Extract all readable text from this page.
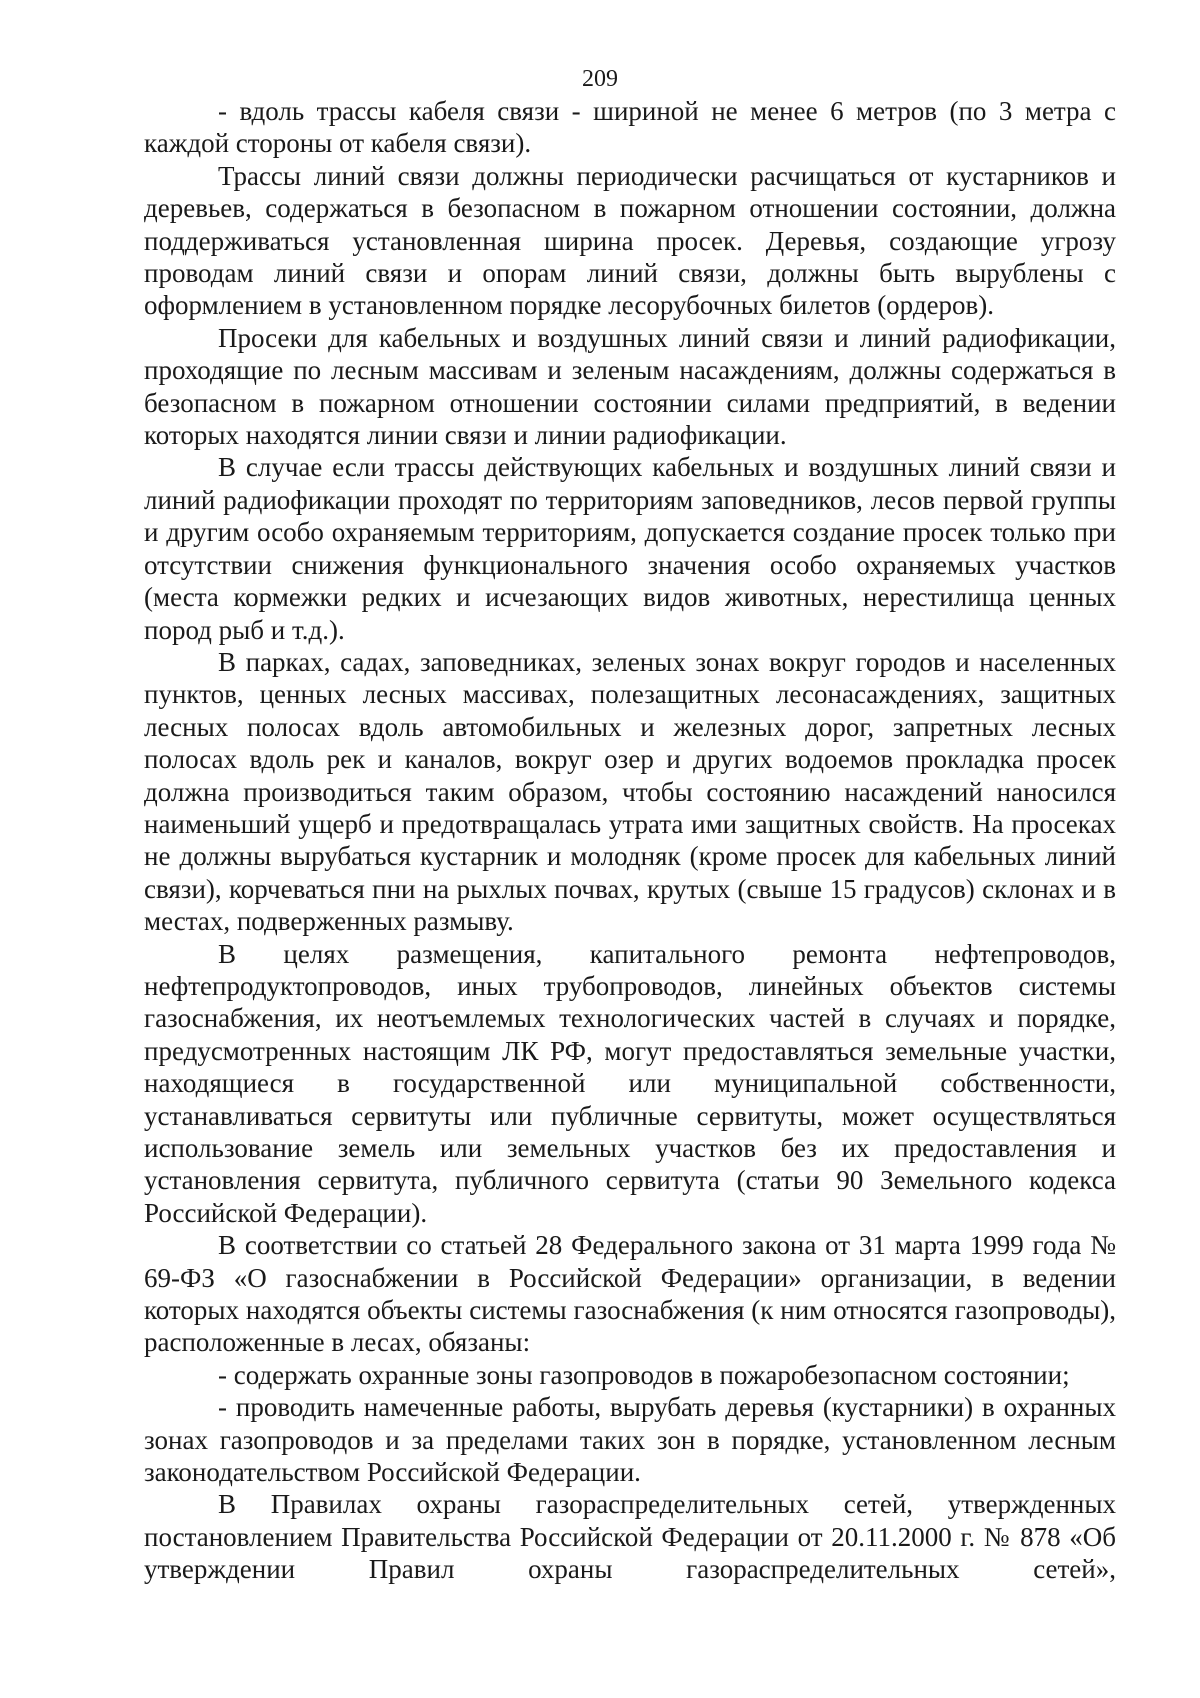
209

- вдоль трассы кабеля связи - шириной не менее 6 метров (по 3 метра с каждой стороны от кабеля связи).

Трассы линий связи должны периодически расчищаться от кустарников и деревьев, содержаться в безопасном в пожарном отношении состоянии, должна поддерживаться установленная ширина просек. Деревья, создающие угрозу проводам линий связи и опорам линий связи, должны быть вырублены с оформлением в установленном порядке лесорубочных билетов (ордеров).

Просеки для кабельных и воздушных линий связи и линий радиофикации, проходящие по лесным массивам и зеленым насаждениям, должны содержаться в безопасном в пожарном отношении состоянии силами предприятий, в ведении которых находятся линии связи и линии радиофикации.

В случае если трассы действующих кабельных и воздушных линий связи и линий радиофикации проходят по территориям заповедников, лесов первой группы и другим особо охраняемым территориям, допускается создание просек только при отсутствии снижения функционального значения особо охраняемых участков (места кормежки редких и исчезающих видов животных, нерестилища ценных пород рыб и т.д.).

В парках, садах, заповедниках, зеленых зонах вокруг городов и населенных пунктов, ценных лесных массивах, полезащитных лесонасаждениях, защитных лесных полосах вдоль автомобильных и железных дорог, запретных лесных полосах вдоль рек и каналов, вокруг озер и других водоемов прокладка просек должна производиться таким образом, чтобы состоянию насаждений наносился наименьший ущерб и предотвращалась утрата ими защитных свойств. На просеках не должны вырубаться кустарник и молодняк (кроме просек для кабельных линий связи), корчеваться пни на рыхлых почвах, крутых (свыше 15 градусов) склонах и в местах, подверженных размыву.

В целях размещения, капитального ремонта нефтепроводов, нефтепродуктопроводов, иных трубопроводов, линейных объектов системы газоснабжения, их неотъемлемых технологических частей в случаях и порядке, предусмотренных настоящим ЛК РФ, могут предоставляться земельные участки, находящиеся в государственной или муниципальной собственности, устанавливаться сервитуты или публичные сервитуты, может осуществляться использование земель или земельных участков без их предоставления и установления сервитута, публичного сервитута (статьи 90 Земельного кодекса Российской Федерации).

В соответствии со статьей 28 Федерального закона от 31 марта 1999 года № 69-ФЗ «О газоснабжении в Российской Федерации» организации, в ведении которых находятся объекты системы газоснабжения (к ним относятся газопроводы), расположенные в лесах, обязаны:

- содержать охранные зоны газопроводов в пожаробезопасном состоянии;

- проводить намеченные работы, вырубать деревья (кустарники) в охранных зонах газопроводов и за пределами таких зон в порядке, установленном лесным законодательством Российской Федерации.

В Правилах охраны газораспределительных сетей, утвержденных постановлением Правительства Российской Федерации от 20.11.2000 г. № 878 «Об утверждении Правил охраны газораспределительных сетей»,
